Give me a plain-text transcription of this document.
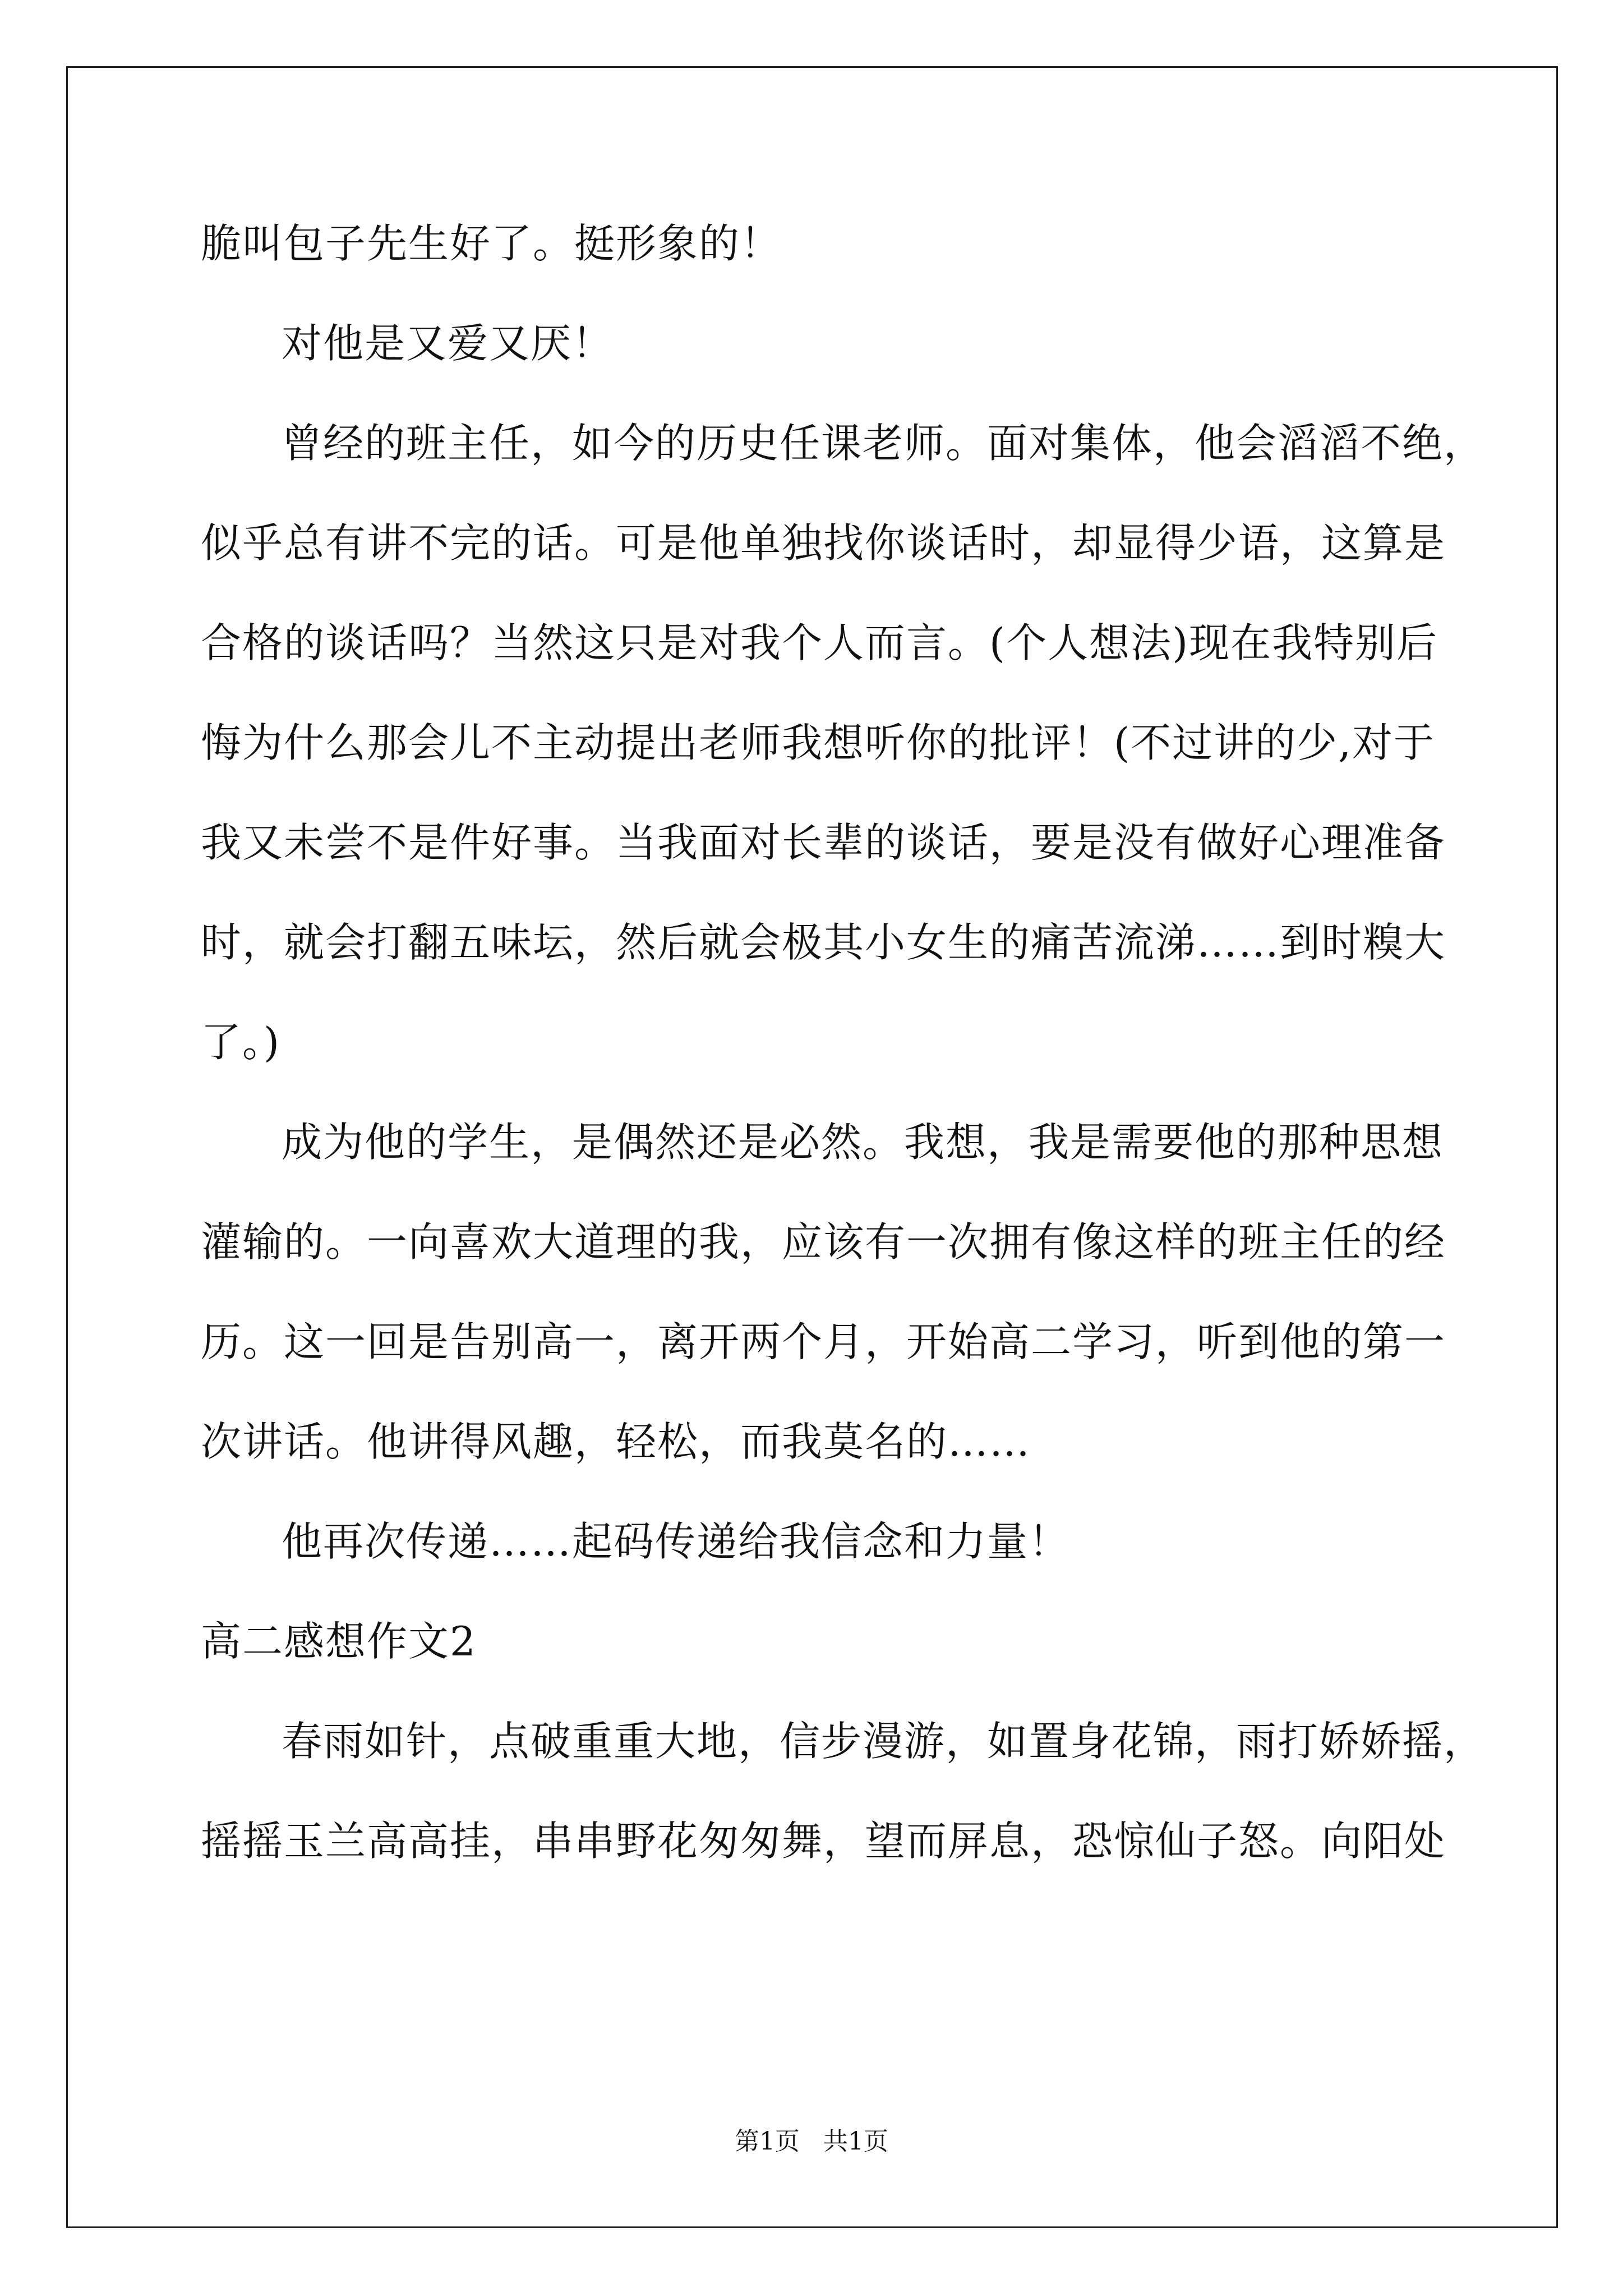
脆叫包子先生好了。挺形象的！
对他是又爱又厌！
曾经的班主任，如今的历史任课老师。面对集体，他会滔滔不绝，
似乎总有讲不完的话。可是他单独找你谈话时，却显得少语，这算是
合格的谈话吗？当然这只是对我个人而言。(个人想法)现在我特别后
悔为什么那会儿不主动提出老师我想听你的批评！(不过讲的少,对于
我又未尝不是件好事。当我面对长辈的谈话，要是没有做好心理准备
时，就会打翻五味坛，然后就会极其小女生的痛苦流涕……到时糗大
了。)
成为他的学生，是偶然还是必然。我想，我是需要他的那种思想
灌输的。一向喜欢大道理的我，应该有一次拥有像这样的班主任的经
历。这一回是告别高一，离开两个月，开始高二学习，听到他的第一
次讲话。他讲得风趣，轻松，而我莫名的……
他再次传递……起码传递给我信念和力量！
高二感想作文2
春雨如针，点破重重大地，信步漫游，如置身花锦，雨打娇娇摇，
摇摇玉兰高高挂，串串野花匆匆舞，望而屏息，恐惊仙子怒。向阳处
第1页   共1页
